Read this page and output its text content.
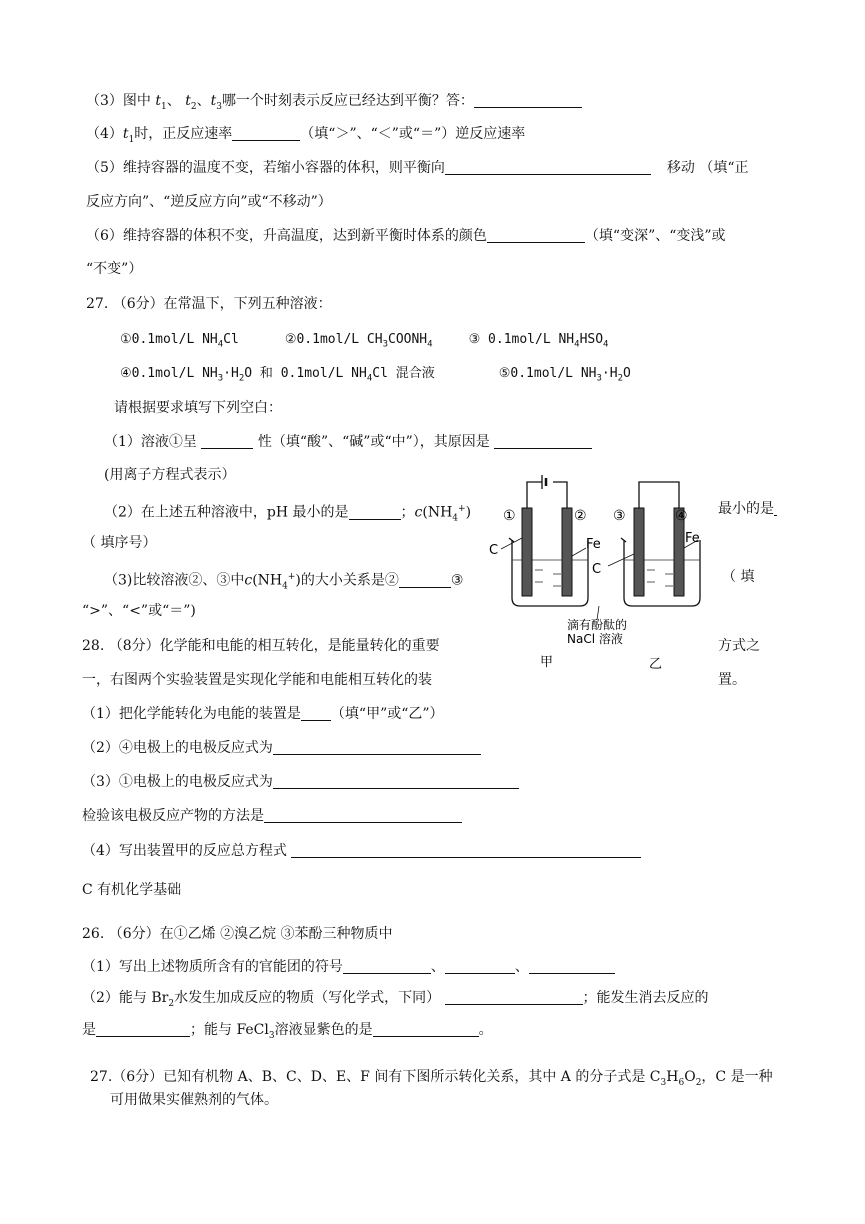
（3）图中 $t_1$、 $t_2$、$t_3$哪一个时刻表示反应已经达到平衡？答：
$(4)t_1$时，正反应速率	（填“＞”、“＜”或“＝”）逆反应速率
（5）维持容器的温度不变，若缩小容器的体积，则平衡向	移动 （填“正
反应方向”、“逆反应方向”或“不移动”）
（6）维持容器的体积不变，升高温度，达到新平衡时体系的颜色	（填“变深”、“变浅”或
“不变”）
27. （6分）在常温下，下列五种溶液：
①0.1mol/L $NH_4Cl$	②0.1mol/L $CH_3COONH_4$	③ 0.1mol/L $NH_4HSO_4$
④0.1mol/L $NH_3\cdot H_2O$ 和 0.1mol/L $NH_4Cl$ 混合液	⑤0.1mol/L $NH_3\cdot H_2O$
请根据要求填写下列空白：
（1）溶液①呈	性（填“酸”、“碱”或“中”），其原因是
(用离子方程式表示）
（2）在上述五种溶液中，pH 最小的是	；$c(NH_4^+)$	最小的是
（ 填序号）
（3)比较溶液②、③中$c(NH_4^+)$的大小关系是②	③	（ 填
“>”、“<”或“＝”)
28. （8分）化学能和电能的相互转化，是能量转化的重要	方式之
一，右图两个实验装置是实现化学能和电能相互转化的装	置。
（1）把化学能转化为电能的装置是 （填“甲”或“乙”）
（2）④电极上的电极反应式为
（3）①电极上的电极反应式为
检验该电极反应产物的方法是
（4）写出装置甲的反应总方程式
C 有机化学基础
26. （6分）在①乙烯 ②溴乙烷 ③苯酚三种物质中
（1）写出上述物质所含有的官能团的符号	、	、
（2）能与 $Br_2$水发生加成反应的物质（写化学式，下同）	；能发生消去反应的
是	；能与 FeCl$_3$溶液显紫色的是	。
27.（6分）已知有机物 A、B、C、D、E、F 间有下图所示转化关系，其中 A 的分子式是 $C_3H_6O_2$，C 是一种
可用做果实催熟剂的气体。
①	② ③	④
C	Fe
C
Fe
滴有酚酞的
NaCl 溶液
甲	乙
